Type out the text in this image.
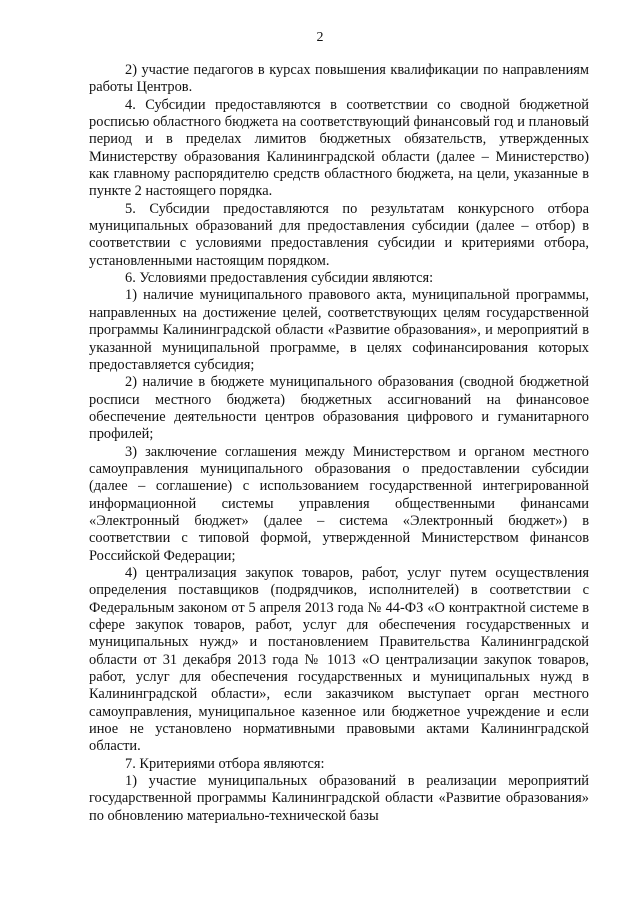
2

2) участие педагогов в курсах повышения квалификации по направлениям работы Центров.

4. Субсидии предоставляются в соответствии со сводной бюджетной росписью областного бюджета на соответствующий финансовый год и плановый период и в пределах лимитов бюджетных обязательств, утвержденных Министерству образования Калининградской области (далее – Министерство) как главному распорядителю средств областного бюджета, на цели, указанные в пункте 2 настоящего порядка.

5. Субсидии предоставляются по результатам конкурсного отбора муниципальных образований для предоставления субсидии (далее – отбор) в соответствии с условиями предоставления субсидии и критериями отбора, установленными настоящим порядком.

6. Условиями предоставления субсидии являются:

1) наличие муниципального правового акта, муниципальной программы, направленных на достижение целей, соответствующих целям государственной программы Калининградской области «Развитие образования», и мероприятий в указанной муниципальной программе, в целях софинансирования которых предоставляется субсидия;

2) наличие в бюджете муниципального образования (сводной бюджетной росписи местного бюджета) бюджетных ассигнований на финансовое обеспечение деятельности центров образования цифрового и гуманитарного профилей;

3) заключение соглашения между Министерством и органом местного самоуправления муниципального образования о предоставлении субсидии (далее – соглашение) с использованием государственной интегрированной информационной системы управления общественными финансами «Электронный бюджет» (далее – система «Электронный бюджет») в соответствии с типовой формой, утвержденной Министерством финансов Российской Федерации;

4) централизация закупок товаров, работ, услуг путем осуществления определения поставщиков (подрядчиков, исполнителей) в соответствии с Федеральным законом от 5 апреля 2013 года № 44-ФЗ «О контрактной системе в сфере закупок товаров, работ, услуг для обеспечения государственных и муниципальных нужд» и постановлением Правительства Калининградской области от 31 декабря 2013 года № 1013 «О централизации закупок товаров, работ, услуг для обеспечения государственных и муниципальных нужд в Калининградской области», если заказчиком выступает орган местного самоуправления, муниципальное казенное или бюджетное учреждение и если иное не установлено нормативными правовыми актами Калининградской области.

7. Критериями отбора являются:

1) участие муниципальных образований в реализации мероприятий государственной программы Калининградской области «Развитие образования» по обновлению материально-технической базы
